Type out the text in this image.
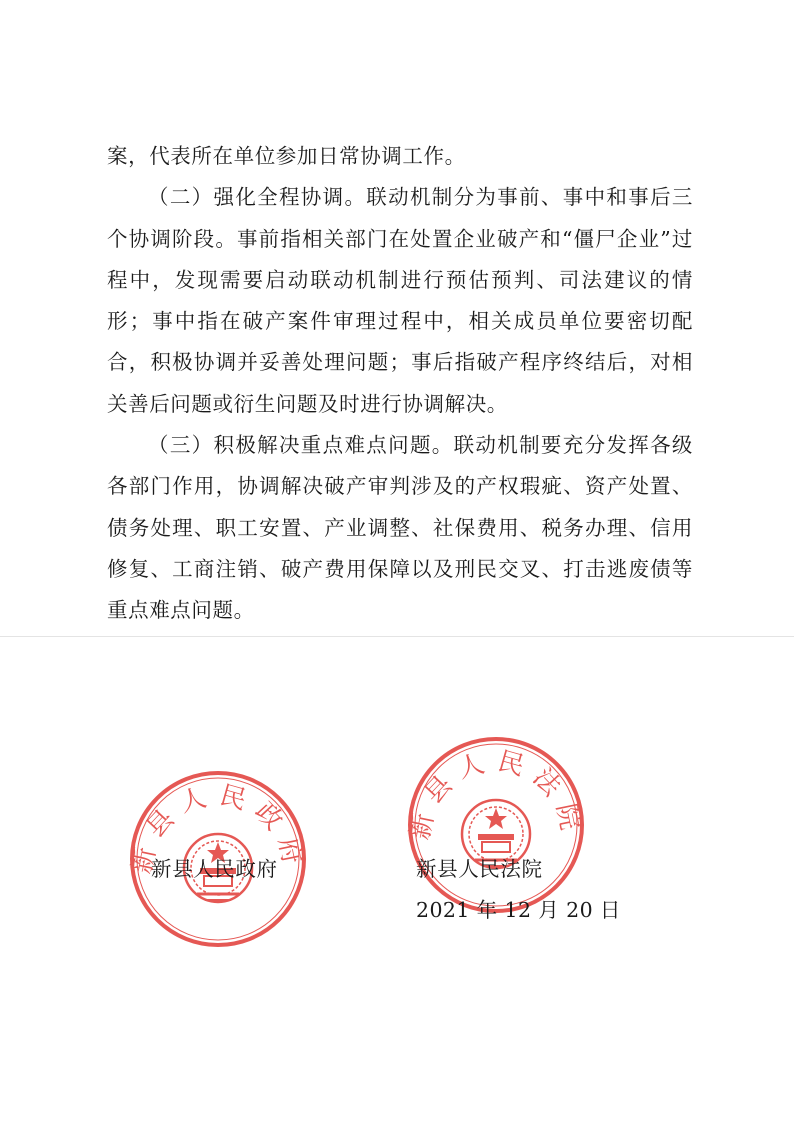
案，代表所在单位参加日常协调工作。

（二）强化全程协调。联动机制分为事前、事中和事后三个协调阶段。事前指相关部门在处置企业破产和“僵尸企业”过程中，发现需要启动联动机制进行预估预判、司法建议的情形；事中指在破产案件审理过程中，相关成员单位要密切配合，积极协调并妥善处理问题；事后指破产程序终结后，对相关善后问题或衍生问题及时进行协调解决。

（三）积极解决重点难点问题。联动机制要充分发挥各级各部门作用，协调解决破产审判涉及的产权瑕疵、资产处置、债务处理、职工安置、产业调整、社保费用、税务办理、信用修复、工商注销、破产费用保障以及刑民交叉、打击逃废债等重点难点问题。

新县人民政府
新县人民法院
新县人民政府	新县人民法院
2021 年 12 月 20 日
